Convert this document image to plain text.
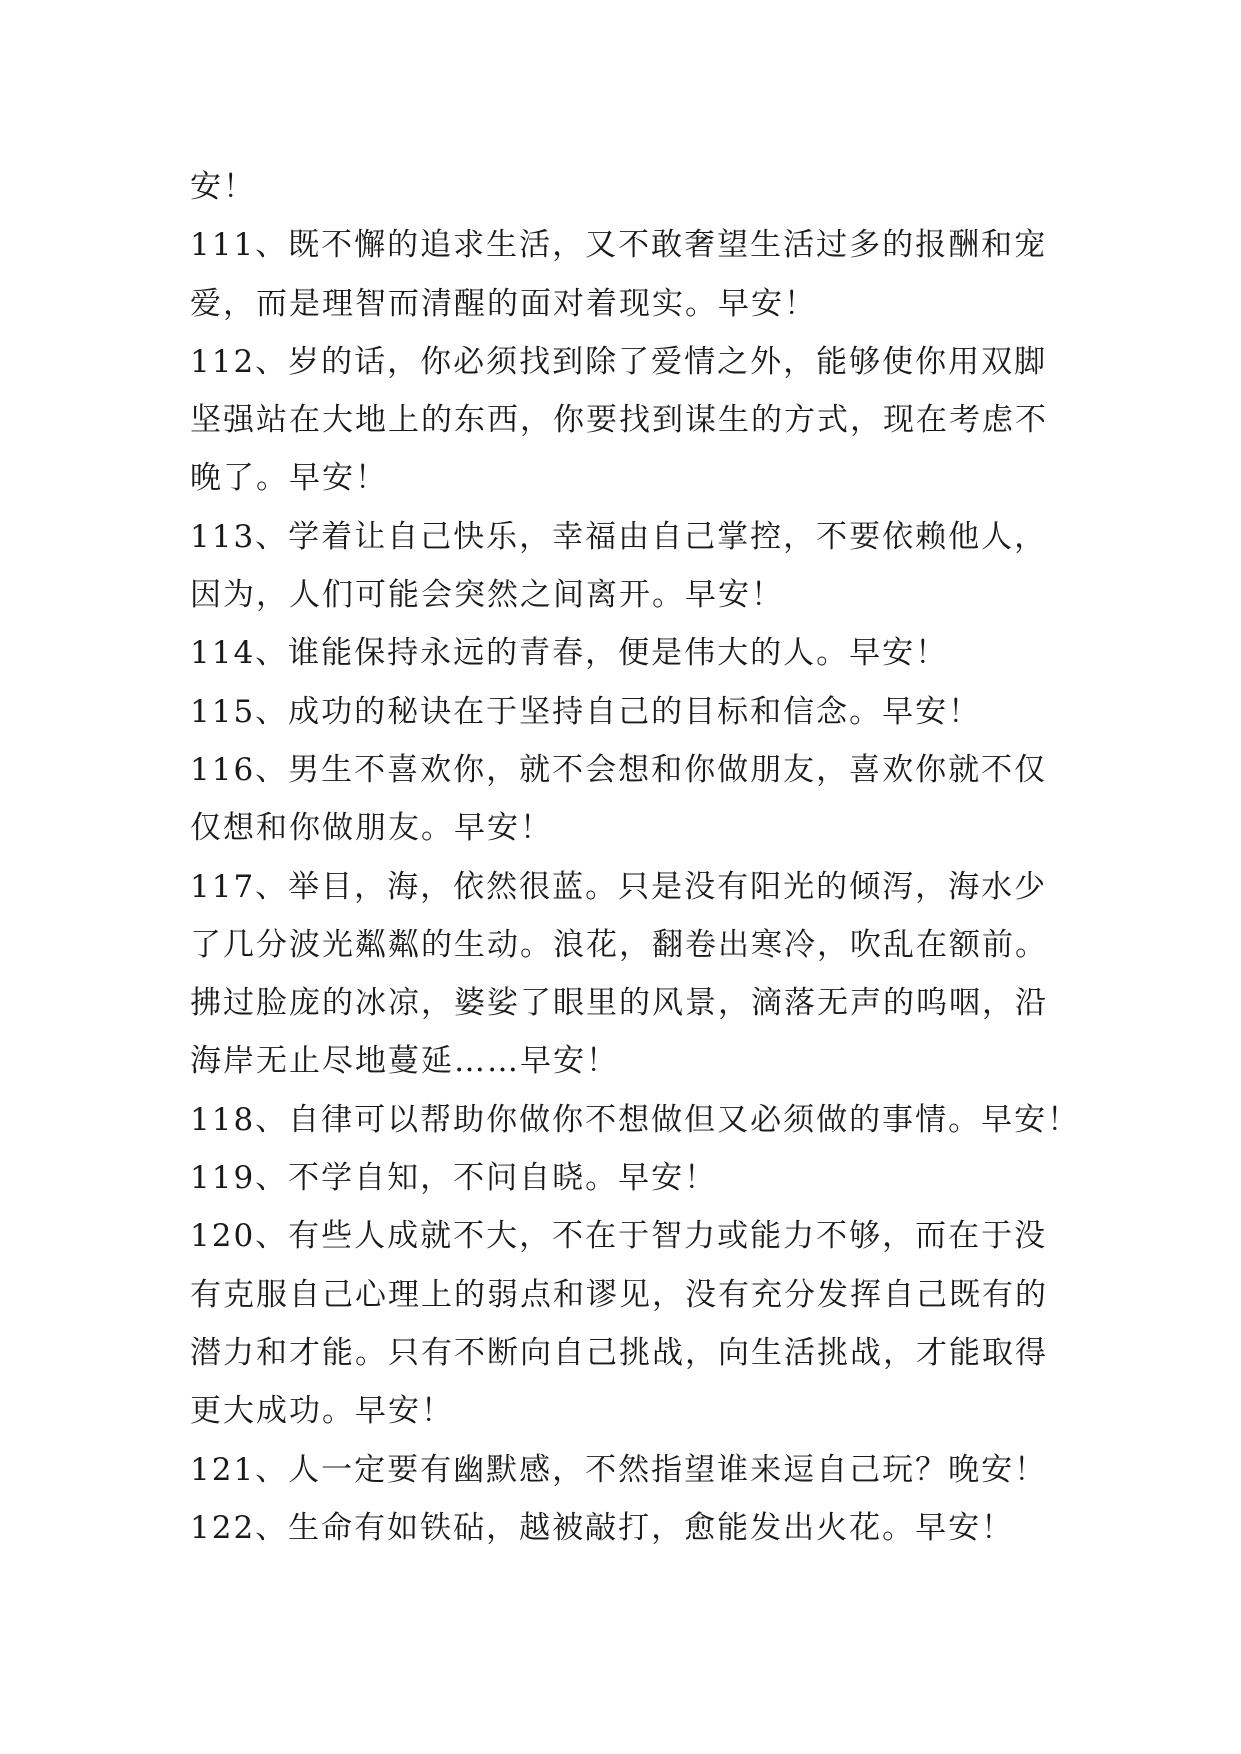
安！
111、既不懈的追求生活，又不敢奢望生活过多的报酬和宠
爱，而是理智而清醒的面对着现实。早安！
112、岁的话，你必须找到除了爱情之外，能够使你用双脚
坚强站在大地上的东西，你要找到谋生的方式，现在考虑不
晚了。早安！
113、学着让自己快乐，幸福由自己掌控，不要依赖他人，
因为，人们可能会突然之间离开。早安！
114、谁能保持永远的青春，便是伟大的人。早安！
115、成功的秘诀在于坚持自己的目标和信念。早安！
116、男生不喜欢你，就不会想和你做朋友，喜欢你就不仅
仅想和你做朋友。早安！
117、举目，海，依然很蓝。只是没有阳光的倾泻，海水少
了几分波光粼粼的生动。浪花，翻卷出寒冷，吹乱在额前。
拂过脸庞的冰凉，婆娑了眼里的风景，滴落无声的呜咽，沿
海岸无止尽地蔓延……早安！
118、自律可以帮助你做你不想做但又必须做的事情。早安！
119、不学自知，不问自晓。早安！
120、有些人成就不大，不在于智力或能力不够，而在于没
有克服自己心理上的弱点和谬见，没有充分发挥自己既有的
潜力和才能。只有不断向自己挑战，向生活挑战，才能取得
更大成功。早安！
121、人一定要有幽默感，不然指望谁来逗自己玩？晚安！
122、生命有如铁砧，越被敲打，愈能发出火花。早安！
